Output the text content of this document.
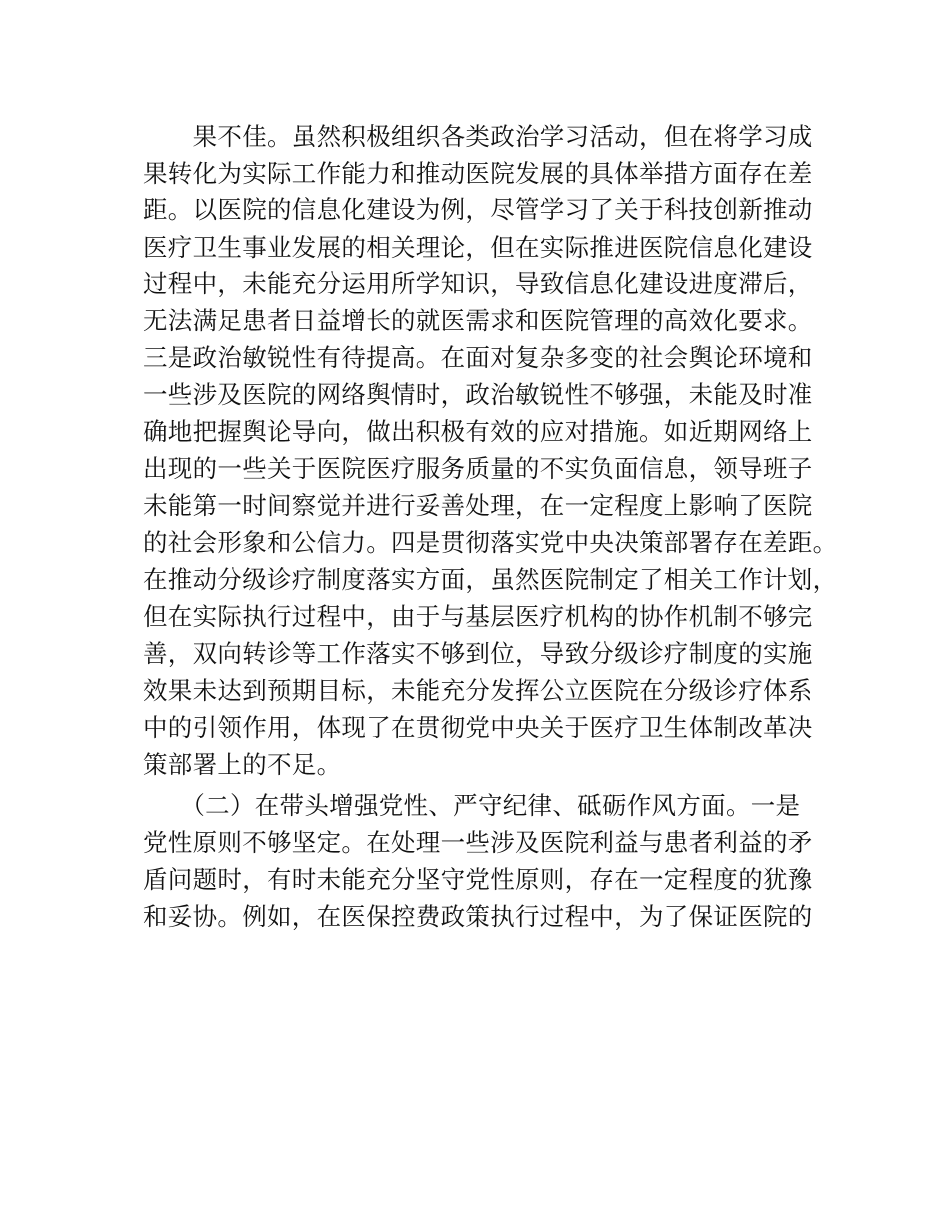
　　果不佳。虽然积极组织各类政治学习活动，但在将学习成
果转化为实际工作能力和推动医院发展的具体举措方面存在差
距。以医院的信息化建设为例，尽管学习了关于科技创新推动
医疗卫生事业发展的相关理论，但在实际推进医院信息化建设
过程中，未能充分运用所学知识，导致信息化建设进度滞后，
无法满足患者日益增长的就医需求和医院管理的高效化要求。
三是政治敏锐性有待提高。在面对复杂多变的社会舆论环境和
一些涉及医院的网络舆情时，政治敏锐性不够强，未能及时准
确地把握舆论导向，做出积极有效的应对措施。如近期网络上
出现的一些关于医院医疗服务质量的不实负面信息，领导班子
未能第一时间察觉并进行妥善处理，在一定程度上影响了医院
的社会形象和公信力。四是贯彻落实党中央决策部署存在差距。
在推动分级诊疗制度落实方面，虽然医院制定了相关工作计划，
但在实际执行过程中，由于与基层医疗机构的协作机制不够完
善，双向转诊等工作落实不够到位，导致分级诊疗制度的实施
效果未达到预期目标，未能充分发挥公立医院在分级诊疗体系
中的引领作用，体现了在贯彻党中央关于医疗卫生体制改革决
策部署上的不足。
　　（二）在带头增强党性、严守纪律、砥砺作风方面。一是
党性原则不够坚定。在处理一些涉及医院利益与患者利益的矛
盾问题时，有时未能充分坚守党性原则，存在一定程度的犹豫
和妥协。例如，在医保控费政策执行过程中，为了保证医院的
